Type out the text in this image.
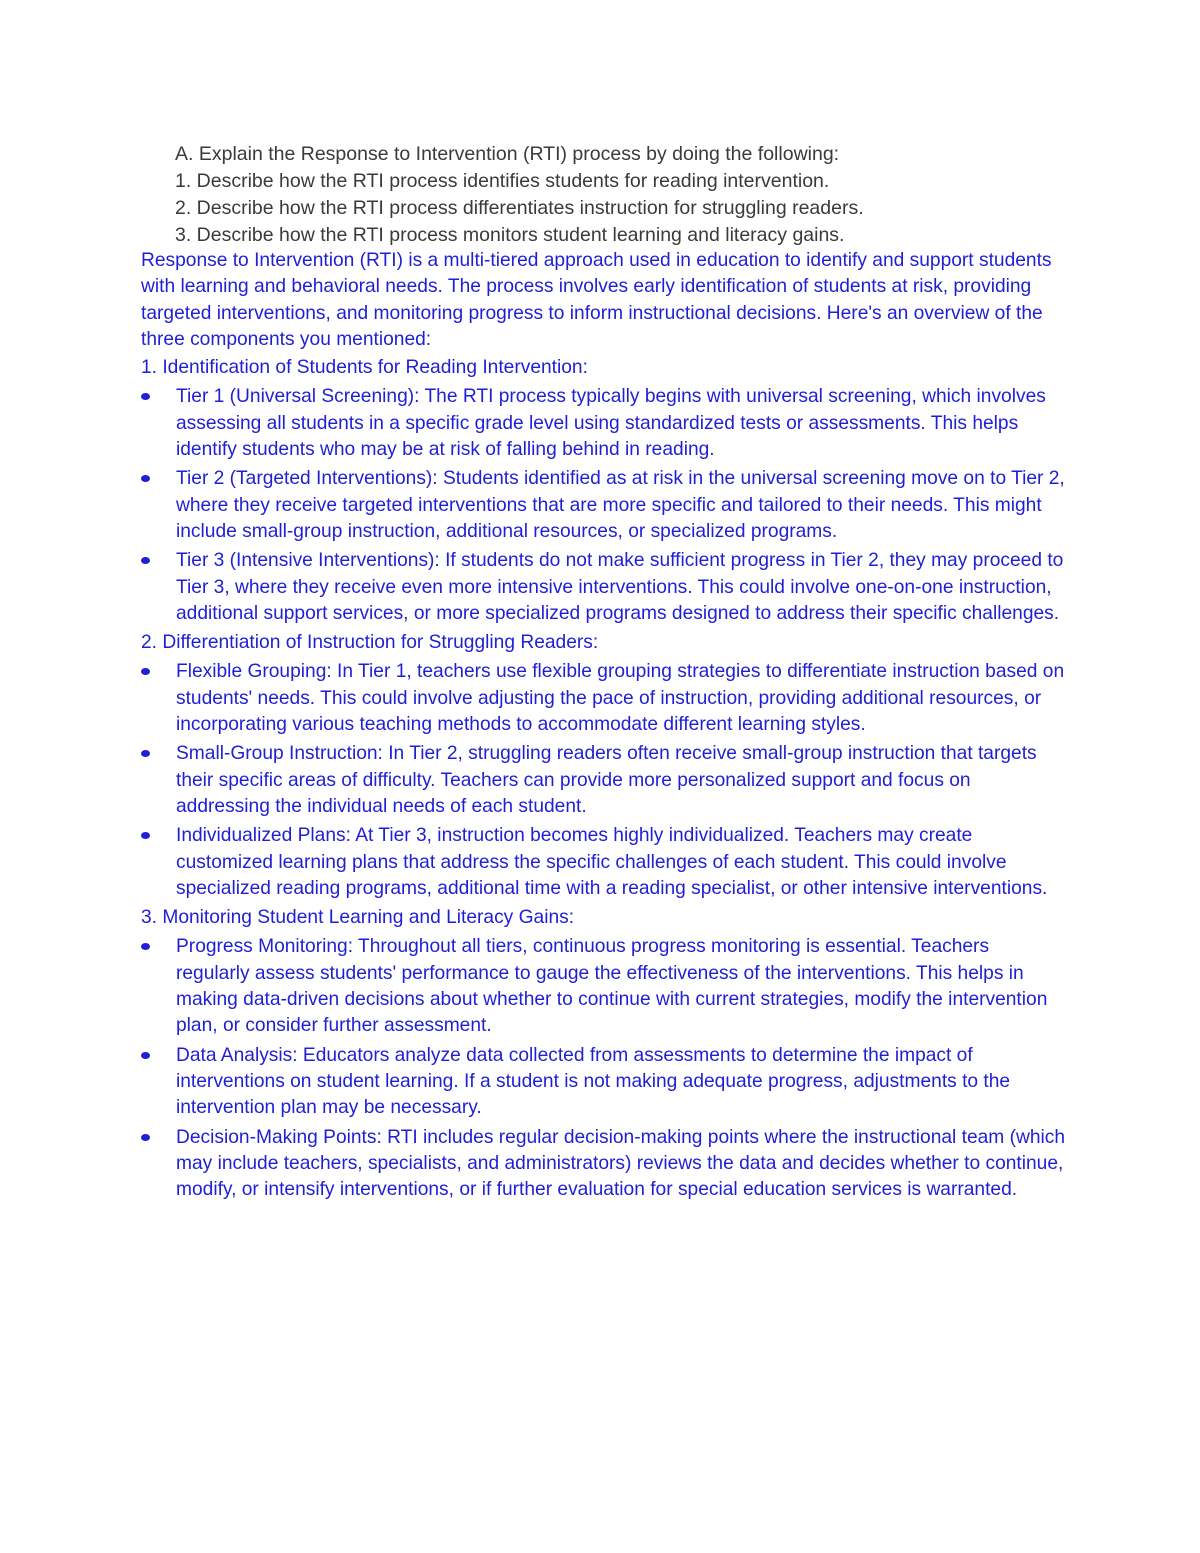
A. Explain the Response to Intervention (RTI) process by doing the following:
1. Describe how the RTI process identifies students for reading intervention.
2. Describe how the RTI process differentiates instruction for struggling readers.
3. Describe how the RTI process monitors student learning and literacy gains.
Response to Intervention (RTI) is a multi-tiered approach used in education to identify and support students with learning and behavioral needs. The process involves early identification of students at risk, providing targeted interventions, and monitoring progress to inform instructional decisions. Here's an overview of the three components you mentioned:
1. Identification of Students for Reading Intervention:
Tier 1 (Universal Screening): The RTI process typically begins with universal screening, which involves assessing all students in a specific grade level using standardized tests or assessments. This helps identify students who may be at risk of falling behind in reading.
Tier 2 (Targeted Interventions): Students identified as at risk in the universal screening move on to Tier 2, where they receive targeted interventions that are more specific and tailored to their needs. This might include small-group instruction, additional resources, or specialized programs.
Tier 3 (Intensive Interventions): If students do not make sufficient progress in Tier 2, they may proceed to Tier 3, where they receive even more intensive interventions. This could involve one-on-one instruction, additional support services, or more specialized programs designed to address their specific challenges.
2. Differentiation of Instruction for Struggling Readers:
Flexible Grouping: In Tier 1, teachers use flexible grouping strategies to differentiate instruction based on students' needs. This could involve adjusting the pace of instruction, providing additional resources, or incorporating various teaching methods to accommodate different learning styles.
Small-Group Instruction: In Tier 2, struggling readers often receive small-group instruction that targets their specific areas of difficulty. Teachers can provide more personalized support and focus on addressing the individual needs of each student.
Individualized Plans: At Tier 3, instruction becomes highly individualized. Teachers may create customized learning plans that address the specific challenges of each student. This could involve specialized reading programs, additional time with a reading specialist, or other intensive interventions.
3. Monitoring Student Learning and Literacy Gains:
Progress Monitoring: Throughout all tiers, continuous progress monitoring is essential. Teachers regularly assess students' performance to gauge the effectiveness of the interventions. This helps in making data-driven decisions about whether to continue with current strategies, modify the intervention plan, or consider further assessment.
Data Analysis: Educators analyze data collected from assessments to determine the impact of interventions on student learning. If a student is not making adequate progress, adjustments to the intervention plan may be necessary.
Decision-Making Points: RTI includes regular decision-making points where the instructional team (which may include teachers, specialists, and administrators) reviews the data and decides whether to continue, modify, or intensify interventions, or if further evaluation for special education services is warranted.
